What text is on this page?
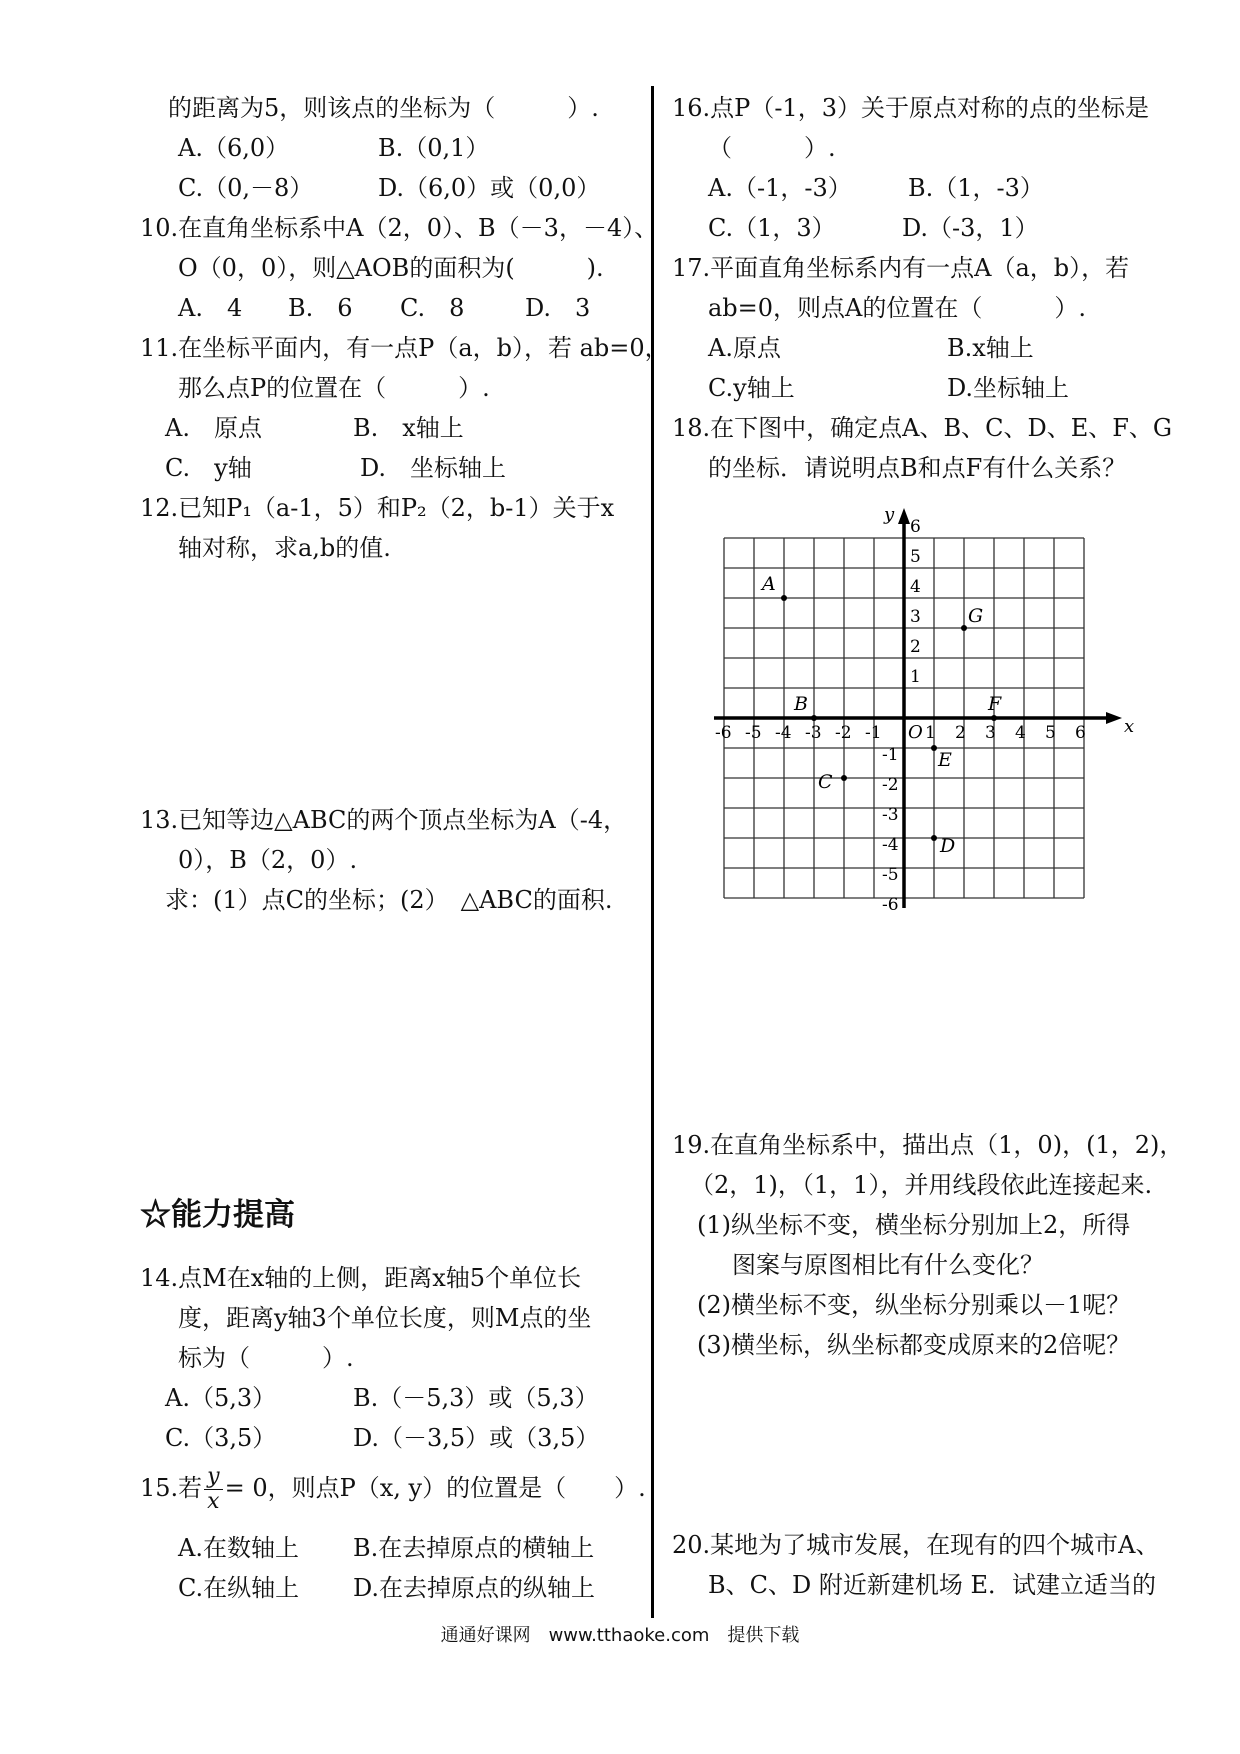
的距离为5，则该点的坐标为（　　　）.
A.（6,0）	B.（0,1）
C.（0,－8）	D.（6,0）或（0,0）
10.在直角坐标系中A（2，0）、B（－3，－4）、
O（0，0），则△AOB的面积为(　　　).
A.　4 B.　6 C.　8	D.　3
11.在坐标平面内，有一点P（a，b），若 ab=0，
那么点P的位置在（　　　）.
A.　原点	B.　x轴上
C.　y轴	D.　坐标轴上
12.已知P₁（a-1，5）和P₂（2，b-1）关于x
轴对称，求a,b的值.
13.已知等边△ABC的两个顶点坐标为A（-4，
0），B（2，0）.
求：(1）点C的坐标；(2）　△ABC的面积.
☆能力提高
14.点M在x轴的上侧，距离x轴5个单位长
度，距离y轴3个单位长度，则M点的坐
标为（　　　）.
A.（5,3）	B.（－5,3）或（5,3）
C.（3,5）	D.（－3,5）或（3,5）
15.若 $\frac{y}{x} = 0$，则点P（x, y）的位置是（　　）.
A.在数轴上 B.在去掉原点的横轴上
C.在纵轴上 D.在去掉原点的纵轴上
16.点P（-1，3）关于原点对称的点的坐标是
（　　　）.
A.（-1，-3） B.（1，-3）
C.（1，3）	D.（-3，1）
17.平面直角坐标系内有一点A（a，b），若
ab=0，则点A的位置在（　　　）.
A.原点	B.x轴上
C.y轴上	D.坐标轴上
18.在下图中，确定点A、B、C、D、E、F、G
的坐标．请说明点B和点F有什么关系？
19.在直角坐标系中，描出点（1，0)，(1，2)，
（2，1)，（1，1），并用线段依此连接起来.
(1)纵坐标不变，横坐标分别加上2，所得
图案与原图相比有什么变化？
(2)横坐标不变，纵坐标分别乘以－1呢？
(3)横坐标，纵坐标都变成原来的2倍呢？
20.某地为了城市发展，在现有的四个城市A、
B、C、D 附近新建机场 E．试建立适当的
x
y
O
-6 -5 -4 -3 -2 -1	1 2 3 4 5 6
6
5
4
3
2
1
-1
-2
-3
-4
-5
-6
A
B
C
D
E
F
G
通通好课网　www.tthaoke.com　提供下载
